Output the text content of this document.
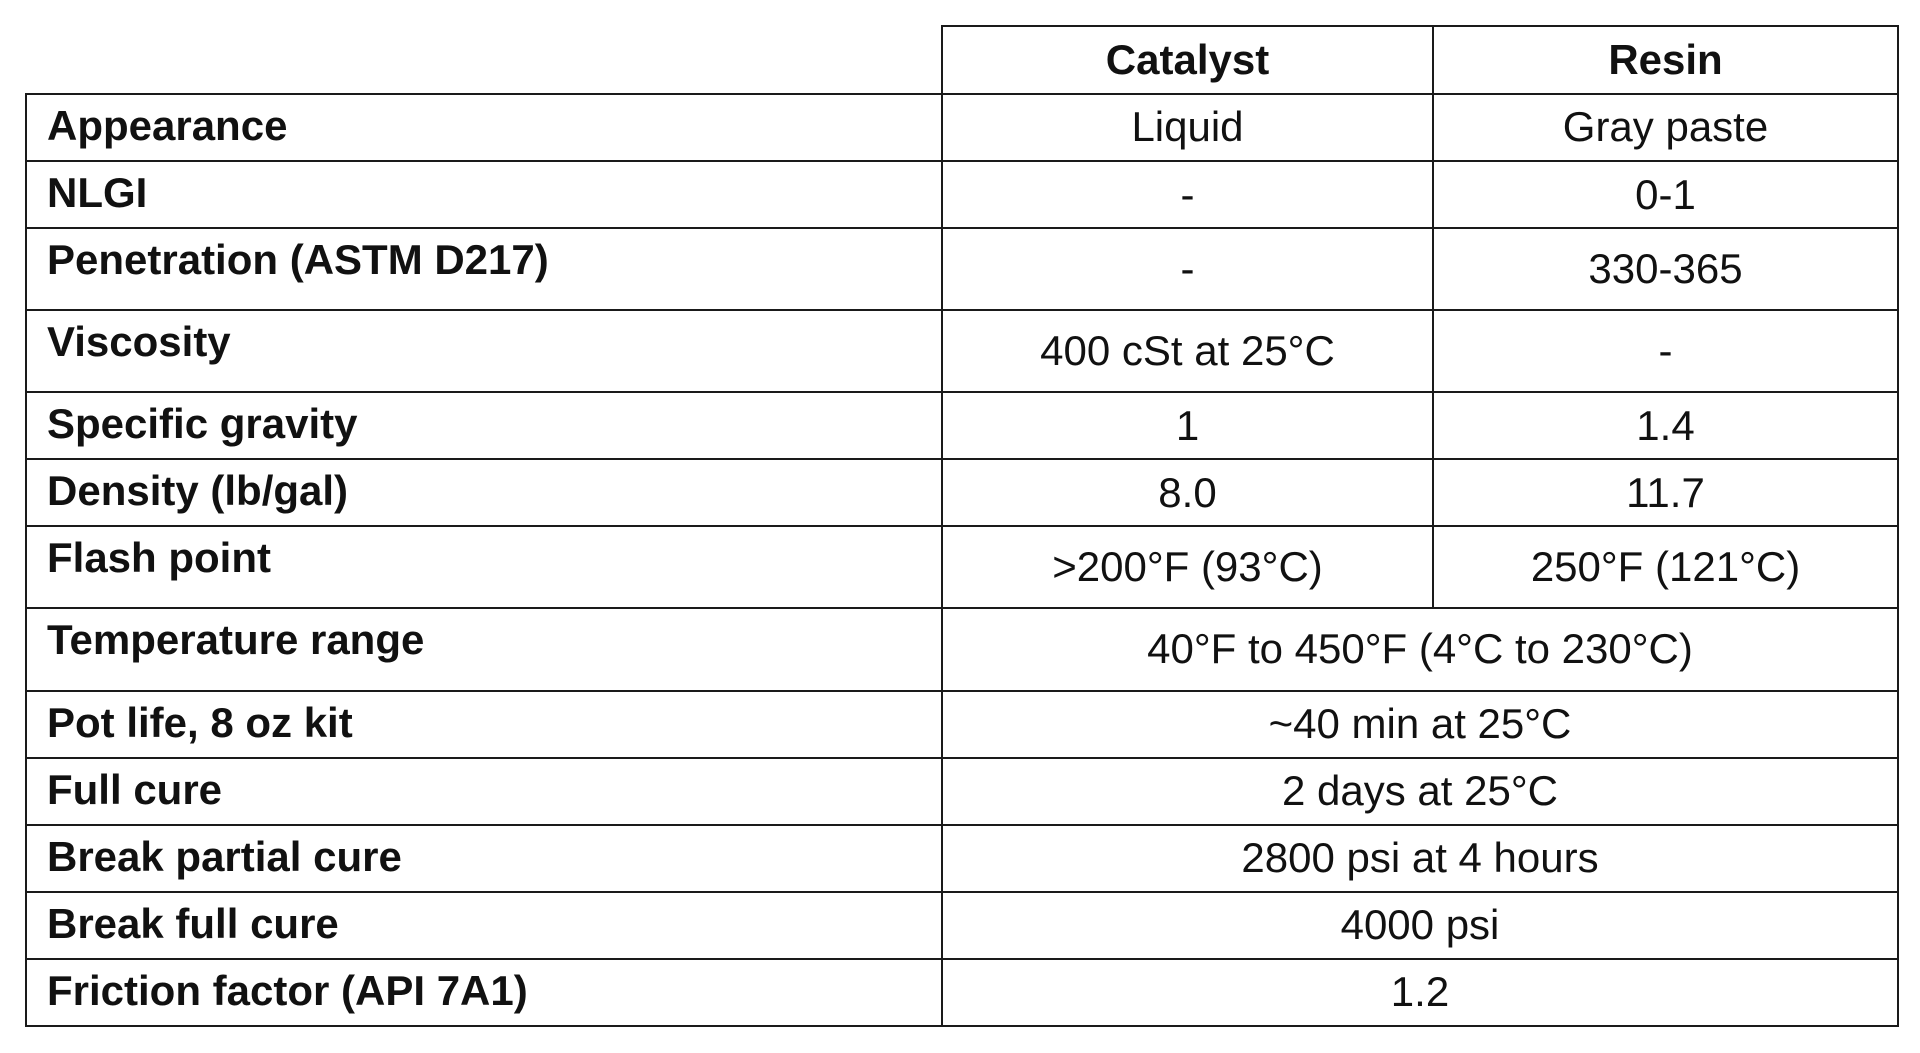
	Catalyst	Resin
Appearance	Liquid	Gray paste
NLGI	-	0-1
Penetration (ASTM D217)	-	330-365
Viscosity	400 cSt at 25°C	-
Specific gravity	1	1.4
Density (lb/gal)	8.0	11.7
Flash point	>200°F (93°C)	250°F (121°C)
Temperature range	40°F to 450°F (4°C to 230°C)	
Pot life, 8 oz kit	~40 min at 25°C	
Full cure	2 days at 25°C	
Break partial cure	2800 psi at 4 hours	
Break full cure	4000 psi	
Friction factor (API 7A1)	1.2	
